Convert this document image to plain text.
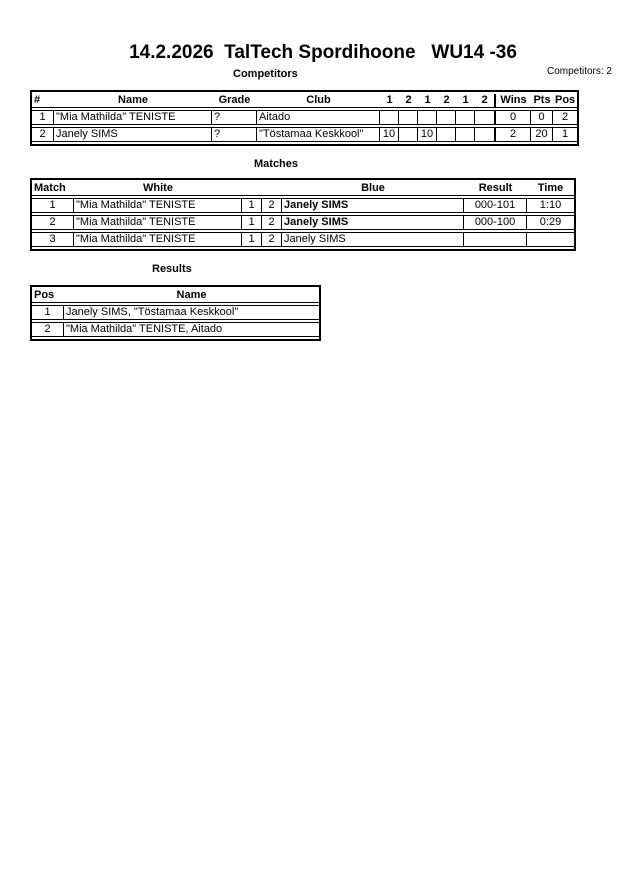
14.2.2026  TalTech Spordihoone   WU14 -36
Competitors	Competitors: 2
#	Name	Grade	Club	1	2	1	2	1	2	Wins	Pts	Pos
1	"Mia Mathilda" TENISTE	?	Aitado							0	0	2
2	Janely SIMS	?	"Töstamaa Keskkool"	10		10				2	20	1
Matches
Match	White			Blue	Result	Time
1	"Mia Mathilda" TENISTE	1	2	Janely SIMS	000-101	1:10
2	"Mia Mathilda" TENISTE	1	2	Janely SIMS	000-100	0:29
3	"Mia Mathilda" TENISTE	1	2	Janely SIMS		
Results
Pos	Name
1	Janely SIMS, "Töstamaa Keskkool"
2	"Mia Mathilda" TENISTE, Aitado
